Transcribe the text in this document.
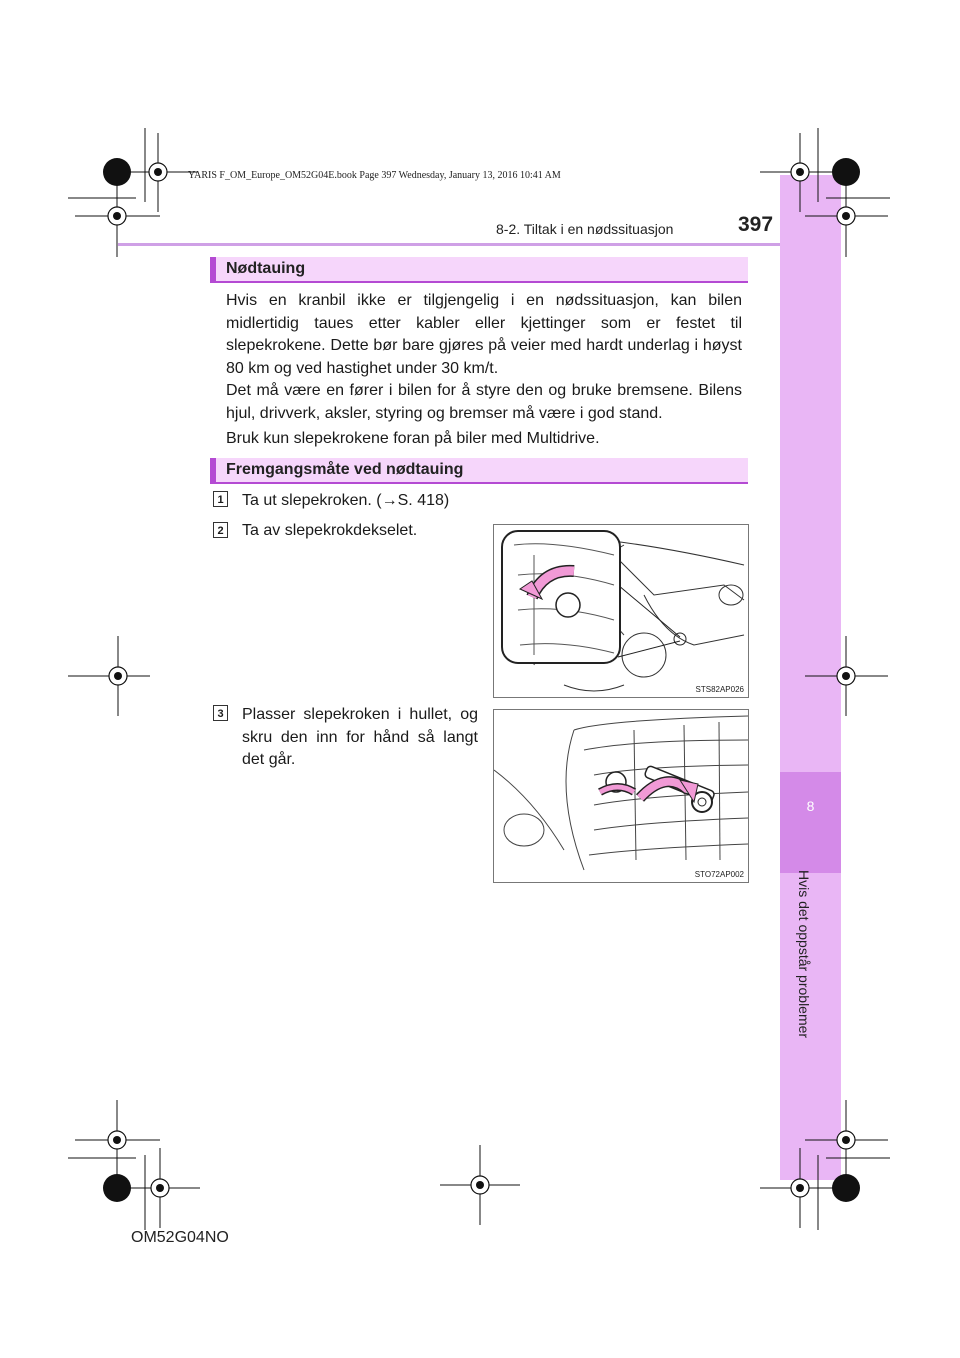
8
Hvis det oppstår problemer
YARIS F_OM_Europe_OM52G04E.book Page 397 Wednesday, January 13, 2016 10:41 AM
8-2. Tiltak i en nødssituasjon	397
Nødtauing
Hvis en kranbil ikke er tilgjengelig i en nødssituasjon, kan bilen midlertidig taues etter kabler eller kjettinger som er festet til slepekrokene. Dette bør bare gjøres på veier med hardt underlag i høyst 80 km og ved hastighet under 30 km/t.
Det må være en fører i bilen for å styre den og bruke bremsene. Bilens hjul, drivverk, aksler, styring og bremser må være i god stand.
Bruk kun slepekrokene foran på biler med Multidrive.
Fremgangsmåte ved nødtauing
1 Ta ut slepekroken. (→S. 418)
2 Ta av slepekrokdekselet.
STS82AP026
3 Plasser slepekroken i hullet, og skru den inn for hånd så langt det går.
STO72AP002
OM52G04NO
